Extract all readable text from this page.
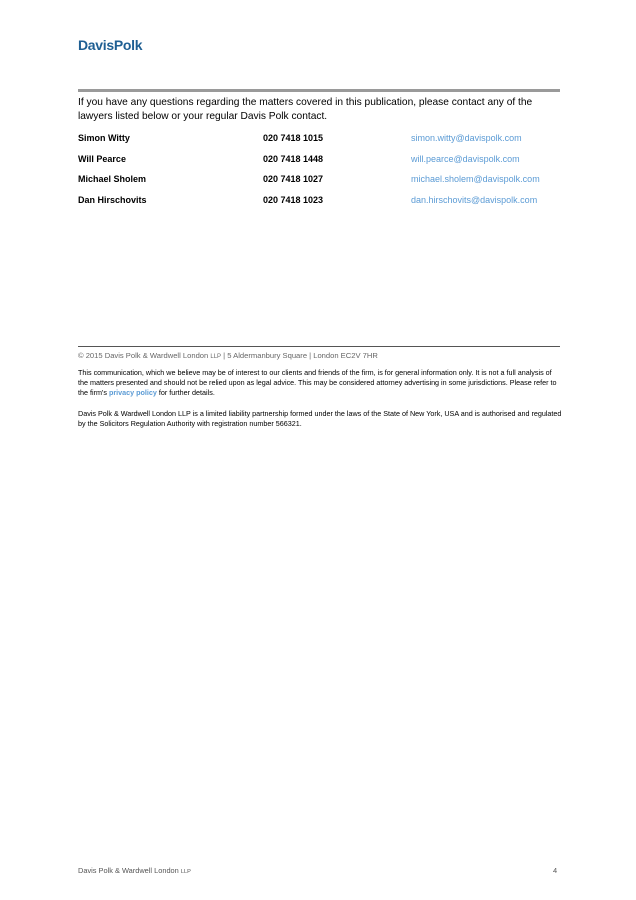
DavisPolk
If you have any questions regarding the matters covered in this publication, please contact any of the lawyers listed below or your regular Davis Polk contact.
Simon Witty	020 7418 1015	simon.witty@davispolk.com
Will Pearce	020 7418 1448	will.pearce@davispolk.com
Michael Sholem	020 7418 1027	michael.sholem@davispolk.com
Dan Hirschovits	020 7418 1023	dan.hirschovits@davispolk.com
© 2015 Davis Polk & Wardwell London LLP | 5 Aldermanbury Square | London EC2V 7HR
This communication, which we believe may be of interest to our clients and friends of the firm, is for general information only. It is not a full analysis of the matters presented and should not be relied upon as legal advice. This may be considered attorney advertising in some jurisdictions. Please refer to the firm's privacy policy for further details.
Davis Polk & Wardwell London LLP is a limited liability partnership formed under the laws of the State of New York, USA and is authorised and regulated by the Solicitors Regulation Authority with registration number 566321.
Davis Polk & Wardwell London LLP	4
